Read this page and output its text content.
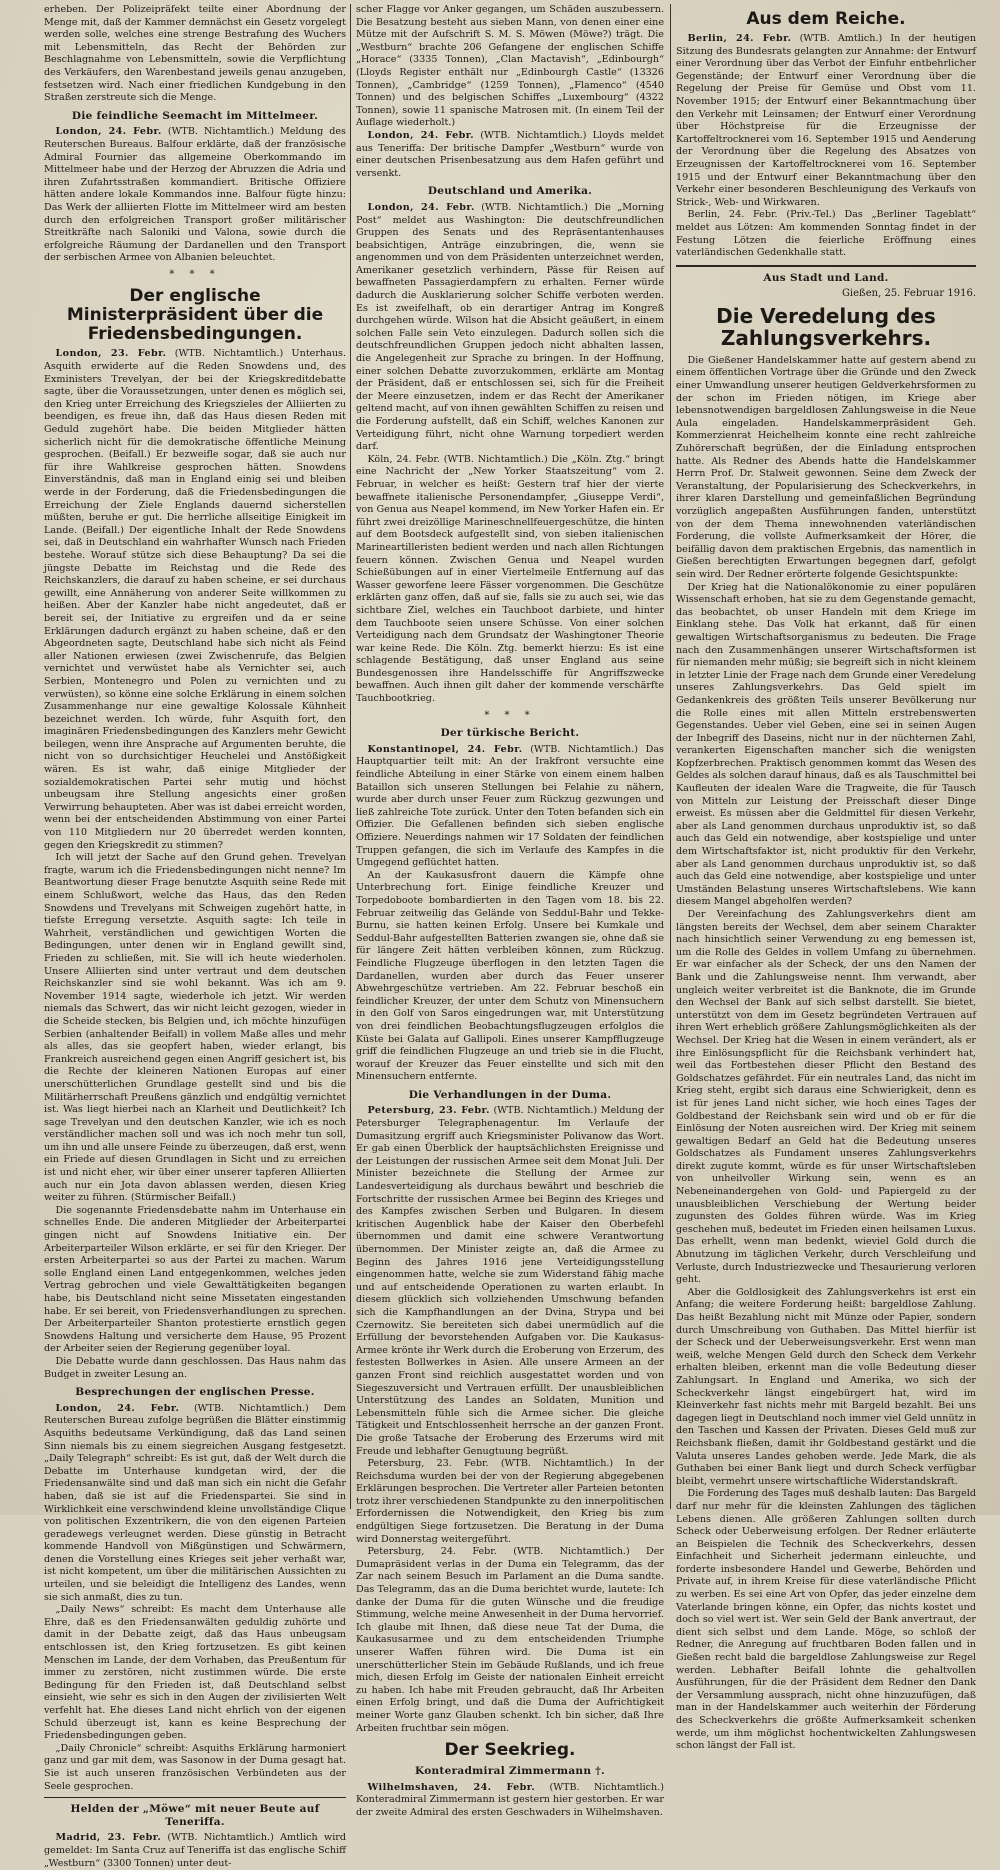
erheben. Der Polizeipräfekt teilte einer Abordnung der Menge mit, daß der Kammer demnächst ein Gesetz vorgelegt werden solle, welches eine strenge Bestrafung des Wuchers mit Lebensmitteln, das Recht der Behörden zur Beschlagnahme von Lebensmitteln, sowie die Verpflichtung des Verkäufers, den Warenbestand jeweils genau anzugeben, festsetzen wird. Nach einer friedlichen Kundgebung in den Straßen zerstreute sich die Menge.

Die feindliche Seemacht im Mittelmeer.

London, 24. Febr. (WTB. Nichtamtlich.) Meldung des Reuterschen Bureaus. Balfour erklärte, daß der französische Admiral Fournier das allgemeine Oberkommando im Mittelmeer habe und der Herzog der Abruzzen die Adria und ihren Zufahrtsstraßen kommandiert. Britische Offiziere hätten andere lokale Kommandos inne. Balfour fügte hinzu: Das Werk der alliierten Flotte im Mittelmeer wird am besten durch den erfolgreichen Transport großer militärischer Streitkräfte nach Saloniki und Valona, sowie durch die erfolgreiche Räumung der Dardanellen und den Transport der serbischen Armee von Albanien beleuchtet.

* * *
Der englische Ministerpräsident über die Friedensbedingungen.

London, 23. Febr. (WTB. Nichtamtlich.) Unterhaus. Asquith erwiderte auf die Reden Snowdens und, des Exministers Trevelyan, der bei der Kriegskreditdebatte sagte, über die Voraussetzungen, unter denen es möglich sei, den Krieg unter Erreichung des Kriegszieles der Alliierten zu beendigen, es freue ihn, daß das Haus diesen Reden mit Geduld zugehört habe. Die beiden Mitglieder hätten sicherlich nicht für die demokratische öffentliche Meinung gesprochen. (Beifall.) Er bezweifle sogar, daß sie auch nur für ihre Wahlkreise gesprochen hätten. Snowdens Einverständnis, daß man in England einig sei und bleiben werde in der Forderung, daß die Friedensbedingungen die Erreichung der Ziele Englands dauernd sicherstellen müßten, beruhe er gut. Die herrliche allseitige Einigkeit im Lande. (Beifall.) Der eigentliche Inhalt der Rede Snowdens sei, daß in Deutschland ein wahrhafter Wunsch nach Frieden bestehe. Worauf stütze sich diese Behauptung? Da sei die jüngste Debatte im Reichstag und die Rede des Reichskanzlers, die darauf zu haben scheine, er sei durchaus gewillt, eine Annäherung von anderer Seite willkommen zu heißen. Aber der Kanzler habe nicht angedeutet, daß er bereit sei, der Initiative zu ergreifen und da er seine Erklärungen dadurch ergänzt zu haben scheine, daß er den Abgeordneten sagte, Deutschland habe sich nicht als Feind aller Nationen erwiesen (zwei Zwischenrufe, das Belgien vernichtet und verwüstet habe als Vernichter sei, auch Serbien, Montenegro und Polen zu vernichten und zu verwüsten), so könne eine solche Erklärung in einem solchen Zusammenhange nur eine gewaltige Kolossale Kühnheit bezeichnet werden. Ich würde, fuhr Asquith fort, den imaginären Friedensbedingungen des Kanzlers mehr Gewicht beilegen, wenn ihre Ansprache auf Argumenten beruhte, die nicht von so durchsichtiger Heuchelei und Anstößigkeit wären. Es ist wahr, daß einige Mitglieder der sozialdemokratischen Partei sehr mutig und höchst unbeugsam ihre Stellung angesichts einer großen Verwirrung behaupteten. Aber was ist dabei erreicht worden, wenn bei der entscheidenden Abstimmung von einer Partei von 110 Mitgliedern nur 20 überredet werden konnten, gegen den Kriegskredit zu stimmen?

Ich will jetzt der Sache auf den Grund gehen. Trevelyan fragte, warum ich die Friedensbedingungen nicht nenne? Im Beantwortung dieser Frage benutzte Asquith seine Rede mit einem Schlußwort, welche das Haus, das den Reden Snowdens und Trevelyans mit Schweigen zugehört hatte, in tiefste Erregung versetzte. Asquith sagte: Ich teile in Wahrheit, verständlichen und gewichtigen Worten die Bedingungen, unter denen wir in England gewillt sind, Frieden zu schließen, mit. Sie will ich heute wiederholen. Unsere Alliierten sind unter vertraut und dem deutschen Reichskanzler sind sie wohl bekannt. Was ich am 9. November 1914 sagte, wiederhole ich jetzt. Wir werden niemals das Schwert, das wir nicht leicht gezogen, wieder in die Scheide stecken, bis Belgien und, ich möchte hinzufügen Serbien (anhaltender Beifall) in vollem Maße alles und mehr als alles, das sie geopfert haben, wieder erlangt, bis Frankreich ausreichend gegen einen Angriff gesichert ist, bis die Rechte der kleineren Nationen Europas auf einer unerschütterlichen Grundlage gestellt sind und bis die Militärherrschaft Preußens gänzlich und endgültig vernichtet ist. Was liegt hierbei nach an Klarheit und Deutlichkeit? Ich sage Trevelyan und den deutschen Kanzler, wie ich es noch verständlicher machen soll und was ich noch mehr tun soll, um ihn und alle unsere Feinde zu überzeugen, daß erst, wenn ein Friede auf diesen Grundlagen in Sicht und zu erreichen ist und nicht eher, wir über einer unserer tapferen Alliierten auch nur ein Jota davon ablassen werden, diesen Krieg weiter zu führen. (Stürmischer Beifall.)

Die sogenannte Friedensdebatte nahm im Unterhause ein schnelles Ende. Die anderen Mitglieder der Arbeiterpartei gingen nicht auf Snowdens Initiative ein. Der Arbeiterparteiler Wilson erklärte, er sei für den Krieger. Der ersten Arbeiterpartei so aus der Partei zu machen. Warum solle England einen Land entgegenkommen, welches jeden Vertrag gebrochen und viele Gewalttätigkeiten begangen habe, bis Deutschland nicht seine Missetaten eingestanden habe. Er sei bereit, von Friedensverhandlungen zu sprechen. Der Arbeiterparteiler Shanton protestierte ernstlich gegen Snowdens Haltung und versicherte dem Hause, 95 Prozent der Arbeiter seien der Regierung gegenüber loyal.

Die Debatte wurde dann geschlossen. Das Haus nahm das Budget in zweiter Lesung an.

Besprechungen der englischen Presse.

London, 24. Febr. (WTB. Nichtamtlich.) Dem Reuterschen Bureau zufolge begrüßen die Blätter einstimmig Asquiths bedeutsame Verkündigung, daß das Land seinen Sinn niemals bis zu einem siegreichen Ausgang festgesetzt. „Daily Telegraph“ schreibt: Es ist gut, daß der Welt durch die Debatte im Unterhause kundgetan wird, der die Friedensanwälte sind und daß man sich ein nicht die Gefahr haben, daß sie ist auf die Friedenspartei. Sie sind in Wirklichkeit eine verschwindend kleine unvollständige Clique von politischen Exzentrikern, die von den eigenen Parteien geradewegs verleugnet werden. Diese günstig in Betracht kommende Handvoll von Mißgünstigen und Schwärmern, denen die Vorstellung eines Krieges seit jeher verhaßt war, ist nicht kompetent, um über die militärischen Aussichten zu urteilen, und sie beleidigt die Intelligenz des Landes, wenn sie sich anmaßt, dies zu tun.

„Daily News“ schreibt: Es macht dem Unterhause alle Ehre, daß es den Friedensanwälten geduldig zuhörte und damit in der Debatte zeigt, daß das Haus unbeugsam entschlossen ist, den Krieg fortzusetzen. Es gibt keinen Menschen im Lande, der dem Vorhaben, das Preußentum für immer zu zerstören, nicht zustimmen würde. Die erste Bedingung für den Frieden ist, daß Deutschland selbst einsieht, wie sehr es sich in den Augen der zivilisierten Welt verfehlt hat. Ehe dieses Land nicht ehrlich von der eigenen Schuld überzeugt ist, kann es keine Besprechung der Friedensbedingungen geben.

„Daily Chronicle“ schreibt: Asquiths Erklärung harmoniert ganz und gar mit dem, was Sasonow in der Duma gesagt hat. Sie ist auch unseren französischen Verbündeten aus der Seele gesprochen.

Helden der „Möwe“ mit neuer Beute auf Teneriffa.

Madrid, 23. Febr. (WTB. Nichtamtlich.) Amtlich wird gemeldet: Im Santa Cruz auf Teneriffa ist das englische Schiff „Westburn“ (3300 Tonnen) unter deut-

scher Flagge vor Anker gegangen, um Schäden auszubessern. Die Besatzung besteht aus sieben Mann, von denen einer eine Mütze mit der Aufschrift S. M. S. Möwen (Möwe?) trägt. Die „Westburn“ brachte 206 Gefangene der englischen Schiffe „Horace“ (3335 Tonnen), „Clan Mactavish“, „Edinbourgh“ (Lloyds Register enthält nur „Edinbourgh Castle“ (13326 Tonnen), „Cambridge“ (1259 Tonnen), „Flamenco“ (4540 Tonnen) und des belgischen Schiffes „Luxembourg“ (4322 Tonnen), sowie 11 spanische Matrosen mit. (In einem Teil der Auflage wiederholt.)

London, 24. Febr. (WTB. Nichtamtlich.) Lloyds meldet aus Teneriffa: Der britische Dampfer „Westburn“ wurde von einer deutschen Prisenbesatzung aus dem Hafen geführt und versenkt.

Deutschland und Amerika.

London, 24. Febr. (WTB. Nichtamtlich.) Die „Morning Post“ meldet aus Washington: Die deutschfreundlichen Gruppen des Senats und des Repräsentantenhauses beabsichtigen, Anträge einzubringen, die, wenn sie angenommen und von dem Präsidenten unterzeichnet werden, Amerikaner gesetzlich verhindern, Pässe für Reisen auf bewaffneten Passagierdampfern zu erhalten. Ferner würde dadurch die Ausklarierung solcher Schiffe verboten werden. Es ist zweifelhaft, ob ein derartiger Antrag im Kongreß durchgehen würde. Wilson hat die Absicht geäußert, in einem solchen Falle sein Veto einzulegen. Dadurch sollen sich die deutschfreundlichen Gruppen jedoch nicht abhalten lassen, die Angelegenheit zur Sprache zu bringen. In der Hoffnung, einer solchen Debatte zuvorzukommen, erklärte am Montag der Präsident, daß er entschlossen sei, sich für die Freiheit der Meere einzusetzen, indem er das Recht der Amerikaner geltend macht, auf von ihnen gewählten Schiffen zu reisen und die Forderung aufstellt, daß ein Schiff, welches Kanonen zur Verteidigung führt, nicht ohne Warnung torpediert werden darf.

Köln, 24. Febr. (WTB. Nichtamtlich.) Die „Köln. Ztg.“ bringt eine Nachricht der „New Yorker Staatszeitung“ vom 2. Februar, in welcher es heißt: Gestern traf hier der vierte bewaffnete italienische Personendampfer, „Giuseppe Verdi“, von Genua aus Neapel kommend, im New Yorker Hafen ein. Er führt zwei dreizöllige Marineschnellfeuergeschütze, die hinten auf dem Bootsdeck aufgestellt sind, von sieben italienischen Marineartilleristen bedient werden und nach allen Richtungen feuern können. Zwischen Genua und Neapel wurden Schießübungen auf in einer Viertelmeile Entfernung auf das Wasser geworfene leere Fässer vorgenommen. Die Geschütze erklärten ganz offen, daß auf sie, falls sie zu auch sei, wie das sichtbare Ziel, welches ein Tauchboot darbiete, und hinter dem Tauchboote seien unsere Schüsse. Von einer solchen Verteidigung nach dem Grundsatz der Washingtoner Theorie war keine Rede. Die Köln. Ztg. bemerkt hierzu: Es ist eine schlagende Bestätigung, daß unser England aus seine Bundesgenossen ihre Handelsschiffe für Angriffszwecke bewaffnen. Auch ihnen gilt daher der kommende verschärfte Tauchbootkrieg.

* * *
Der türkische Bericht.

Konstantinopel, 24. Febr. (WTB. Nichtamtlich.) Das Hauptquartier teilt mit: An der Irakfront versuchte eine feindliche Abteilung in einer Stärke von einem einem halben Bataillon sich unseren Stellungen bei Felahie zu nähern, wurde aber durch unser Feuer zum Rückzug gezwungen und ließ zahlreiche Tote zurück. Unter den Toten befanden sich ein Offizier. Die Gefallenen befinden sich sieben englische Offiziere. Neuerdings nahmen wir 17 Soldaten der feindlichen Truppen gefangen, die sich im Verlaufe des Kampfes in die Umgegend geflüchtet hatten.

An der Kaukasusfront dauern die Kämpfe ohne Unterbrechung fort. Einige feindliche Kreuzer und Torpedoboote bombardierten in den Tagen vom 18. bis 22. Februar zeitweilig das Gelände von Seddul-Bahr und Tekke-Burnu, sie hatten keinen Erfolg. Unsere bei Kumkale und Seddul-Bahr aufgestellten Batterien zwangen sie, ohne daß sie für längere Zeit hätten verbleiben können, zum Rückzug. Feindliche Flugzeuge überflogen in den letzten Tagen die Dardanellen, wurden aber durch das Feuer unserer Abwehrgeschütze vertrieben. Am 22. Februar beschoß ein feindlicher Kreuzer, der unter dem Schutz von Minensuchern in den Golf von Saros eingedrungen war, mit Unterstützung von drei feindlichen Beobachtungsflugzeugen erfolglos die Küste bei Galata auf Gallipoli. Eines unserer Kampfflugzeuge griff die feindlichen Flugzeuge an und trieb sie in die Flucht, worauf der Kreuzer das Feuer einstellte und sich mit den Minensuchern entfernte.

Die Verhandlungen in der Duma.

Petersburg, 23. Febr. (WTB. Nichtamtlich.) Meldung der Petersburger Telegraphenagentur. Im Verlaufe der Dumasitzung ergriff auch Kriegsminister Polivanow das Wort. Er gab einen Überblick der hauptsächlichsten Ereignisse und der Leistungen der russischen Armee seit dem Monat Juli. Der Minister bezeichnete die Stellung der Armee zur Landesverteidigung als durchaus bewährt und beschrieb die Fortschritte der russischen Armee bei Beginn des Krieges und des Kampfes zwischen Serben und Bulgaren. In diesem kritischen Augenblick habe der Kaiser den Oberbefehl übernommen und damit eine schwere Verantwortung übernommen. Der Minister zeigte an, daß die Armee zu Beginn des Jahres 1916 jene Verteidigungsstellung eingenommen hatte, welche sie zum Widerstand fähig mache und auf entscheidende Operationen zu warten erlaubt. In diesem glücklich sich vollziehenden Umschwung befanden sich die Kampfhandlungen an der Dvina, Strypa und bei Czernowitz. Sie bereiteten sich dabei unermüdlich auf die Erfüllung der bevorstehenden Aufgaben vor. Die Kaukasus-Armee krönte ihr Werk durch die Eroberung von Erzerum, des festesten Bollwerkes in Asien. Alle unsere Armeen an der ganzen Front sind reichlich ausgestattet worden und von Siegeszuversicht und Vertrauen erfüllt. Der unausbleiblichen Unterstützung des Landes an Soldaten, Munition und Lebensmitteln fühle sich die Armee sicher. Die gleiche Tätigkeit und Entschlossenheit herrsche an der ganzen Front. Die große Tatsache der Eroberung des Erzerums wird mit Freude und lebhafter Genugtuung begrüßt.

Petersburg, 23. Febr. (WTB. Nichtamtlich.) In der Reichsduma wurden bei der von der Regierung abgegebenen Erklärungen besprochen. Die Vertreter aller Parteien betonten trotz ihrer verschiedenen Standpunkte zu den innerpolitischen Erfordernissen die Notwendigkeit, den Krieg bis zum endgültigen Siege fortzusetzen. Die Beratung in der Duma wird Donnerstag weitergeführt.

Petersburg, 24. Febr. (WTB. Nichtamtlich.) Der Dumapräsident verlas in der Duma ein Telegramm, das der Zar nach seinem Besuch im Parlament an die Duma sandte. Das Telegramm, das an die Duma berichtet wurde, lautete: Ich danke der Duma für die guten Wünsche und die freudige Stimmung, welche meine Anwesenheit in der Duma hervorrief. Ich glaube mit Ihnen, daß diese neue Tat der Duma, die Kaukasusarmee und zu dem entscheidenden Triumphe unserer Waffen führen wird. Die Duma ist ein unerschütterlicher Stein im Gebäude Rußlands, und ich freue mich, diesen Erfolg im Geiste der nationalen Einheit erreicht zu haben. Ich habe mit Freuden gebraucht, daß Ihr Arbeiten einen Erfolg bringt, und daß die Duma der Aufrichtigkeit meiner Worte ganz Glauben schenkt. Ich bin sicher, daß Ihre Arbeiten fruchtbar sein mögen.

Der Seekrieg.
Konteradmiral Zimmermann †.

Wilhelmshaven, 24. Febr. (WTB. Nichtamtlich.) Konteradmiral Zimmermann ist gestern hier gestorben. Er war der zweite Admiral des ersten Geschwaders in Wilhelmshaven.

Aus dem Reiche.

Berlin, 24. Febr. (WTB. Amtlich.) In der heutigen Sitzung des Bundesrats gelangten zur Annahme: der Entwurf einer Verordnung über das Verbot der Einfuhr entbehrlicher Gegenstände; der Entwurf einer Verordnung über die Regelung der Preise für Gemüse und Obst vom 11. November 1915; der Entwurf einer Bekanntmachung über den Verkehr mit Leinsamen; der Entwurf einer Verordnung über Höchstpreise für die Erzeugnisse der Kartoffeltrocknerei vom 16. September 1915 und Aenderung der Verordnung über die Regelung des Absatzes von Erzeugnissen der Kartoffeltrocknerei vom 16. September 1915 und der Entwurf einer Bekanntmachung über den Verkehr einer besonderen Beschleunigung des Verkaufs von Strick-, Web- und Wirkwaren.

Berlin, 24. Febr. (Priv.-Tel.) Das „Berliner Tageblatt“ meldet aus Lötzen: Am kommenden Sonntag findet in der Festung Lötzen die feierliche Eröffnung eines vaterländischen Gedenkhalle statt.

Aus Stadt und Land.
Gießen, 25. Februar 1916.
Die Veredelung des Zahlungsverkehrs.

Die Gießener Handelskammer hatte auf gestern abend zu einem öffentlichen Vortrage über die Gründe und den Zweck einer Umwandlung unserer heutigen Geldverkehrsformen zu der schon im Frieden nötigen, im Kriege aber lebensnotwendigen bargeldlosen Zahlungsweise in die Neue Aula eingeladen. Handelskammerpräsident Geh. Kommerzienrat Heichelheim konnte eine recht zahlreiche Zuhörerschaft begrüßen, der die Einladung entsprochen hatte. Als Redner des Abends hatte die Handelskammer Herrn Prof. Dr. Stalweit gewonnen. Seine dem Zweck der Veranstaltung, der Popularisierung des Scheckverkehrs, in ihrer klaren Darstellung und gemeinfaßlichen Begründung vorzüglich angepaßten Ausführungen fanden, unterstützt von der dem Thema innewohnenden vaterländischen Forderung, die vollste Aufmerksamkeit der Hörer, die beifällig davon dem praktischen Ergebnis, das namentlich in Gießen berechtigten Erwartungen begegnen darf, gefolgt sein wird. Der Redner erörterte folgende Gesichtspunkte:

Der Krieg hat die Nationalökonomie zu einer populären Wissenschaft erhoben, hat sie zu dem Gegenstande gemacht, das beobachtet, ob unser Handeln mit dem Kriege im Einklang stehe. Das Volk hat erkannt, daß für einen gewaltigen Wirtschaftsorganismus zu bedeuten. Die Frage nach den Zusammenhängen unserer Wirtschaftsformen ist für niemanden mehr müßig; sie begreift sich in nicht kleinem in letzter Linie der Frage nach dem Grunde einer Veredelung unseres Zahlungsverkehrs. Das Geld spielt im Gedankenkreis des größten Teils unserer Bevölkerung nur die Rolle eines mit allen Mitteln erstrebenswerten Gegenstandes. Ueber viel Geben, eine sei in seinen Augen der Inbegriff des Daseins, nicht nur in der nüchternen Zahl, verankerten Eigenschaften mancher sich die wenigsten Kopfzerbrechen. Praktisch genommen kommt das Wesen des Geldes als solchen darauf hinaus, daß es als Tauschmittel bei Kaufleuten der idealen Ware die Tragweite, die für Tausch von Mitteln zur Leistung der Preisschaft dieser Dinge erweist. Es müssen aber die Geldmittel für diesen Verkehr, aber als Land genommen durchaus unproduktiv ist, so daß auch das Geld ein notwendige, aber kostspielige und unter dem Wirtschaftsfaktor ist, nicht produktiv für den Verkehr, aber als Land genommen durchaus unproduktiv ist, so daß auch das Geld eine notwendige, aber kostspielige und unter Umständen Belastung unseres Wirtschaftslebens. Wie kann diesem Mangel abgeholfen werden?

Der Vereinfachung des Zahlungsverkehrs dient am längsten bereits der Wechsel, dem aber seinem Charakter nach hinsichtlich seiner Verwendung zu eng bemessen ist, um die Rolle des Geldes in vollem Umfang zu übernehmen. Er war einfacher als der Scheck, der uns den Namen der Bank und die Zahlungsweise nennt. Ihm verwandt, aber ungleich weiter verbreitet ist die Banknote, die im Grunde den Wechsel der Bank auf sich selbst darstellt. Sie bietet, unterstützt von dem im Gesetz begründeten Vertrauen auf ihren Wert erheblich größere Zahlungsmöglichkeiten als der Wechsel. Der Krieg hat die Wesen in einem verändert, als er ihre Einlösungspflicht für die Reichsbank verhindert hat, weil das Fortbestehen dieser Pflicht den Bestand des Goldschatzes gefährdet. Für ein neutrales Land, das nicht im Krieg steht, ergibt sich daraus eine Schwierigkeit, denn es ist für jenes Land nicht sicher, wie hoch eines Tages der Goldbestand der Reichsbank sein wird und ob er für die Einlösung der Noten ausreichen wird. Der Krieg mit seinem gewaltigen Bedarf an Geld hat die Bedeutung unseres Goldschatzes als Fundament unseres Zahlungsverkehrs direkt zugute kommt, würde es für unser Wirtschaftsleben von unheilvoller Wirkung sein, wenn es an Nebeneinandergehen von Gold- und Papiergeld zu der unausbleiblichen Verschiebung der Wertung beider zugunsten des Goldes führen würde. Was im Krieg geschehen muß, bedeutet im Frieden einen heilsamen Luxus. Das erhellt, wenn man bedenkt, wieviel Gold durch die Abnutzung im täglichen Verkehr, durch Verschleifung und Verluste, durch Industriezwecke und Thesaurierung verloren geht.

Aber die Goldlosigkeit des Zahlungsverkehrs ist erst ein Anfang; die weitere Forderung heißt: bargeldlose Zahlung. Das heißt Bezahlung nicht mit Münze oder Papier, sondern durch Umschreibung von Guthaben. Das Mittel hierfür ist der Scheck und der Ueberweisungsverkehr. Erst wenn man weiß, welche Mengen Geld durch den Scheck dem Verkehr erhalten bleiben, erkennt man die volle Bedeutung dieser Zahlungsart. In England und Amerika, wo sich der Scheckverkehr längst eingebürgert hat, wird im Kleinverkehr fast nichts mehr mit Bargeld bezahlt. Bei uns dagegen liegt in Deutschland noch immer viel Geld unnütz in den Taschen und Kassen der Privaten. Dieses Geld muß zur Reichsbank fließen, damit ihr Goldbestand gestärkt und die Valuta unseres Landes gehoben werde. Jede Mark, die als Guthaben bei einer Bank liegt und durch Scheck verfügbar bleibt, vermehrt unsere wirtschaftliche Widerstandskraft.

Die Forderung des Tages muß deshalb lauten: Das Bargeld darf nur mehr für die kleinsten Zahlungen des täglichen Lebens dienen. Alle größeren Zahlungen sollten durch Scheck oder Ueberweisung erfolgen. Der Redner erläuterte an Beispielen die Technik des Scheckverkehrs, dessen Einfachheit und Sicherheit jedermann einleuchte, und forderte insbesondere Handel und Gewerbe, Behörden und Private auf, in ihrem Kreise für diese vaterländische Pflicht zu werben. Es sei eine Art von Opfer, das jeder einzelne dem Vaterlande bringen könne, ein Opfer, das nichts kostet und doch so viel wert ist. Wer sein Geld der Bank anvertraut, der dient sich selbst und dem Lande. Möge, so schloß der Redner, die Anregung auf fruchtbaren Boden fallen und in Gießen recht bald die bargeldlose Zahlungsweise zur Regel werden. Lebhafter Beifall lohnte die gehaltvollen Ausführungen, für die der Präsident dem Redner den Dank der Versammlung aussprach, nicht ohne hinzuzufügen, daß man in der Handelskammer auch weiterhin der Förderung des Scheckverkehrs die größte Aufmerksamkeit schenken werde, um ihm möglichst hochentwickelten Zahlungswesen schon längst der Fall ist.
